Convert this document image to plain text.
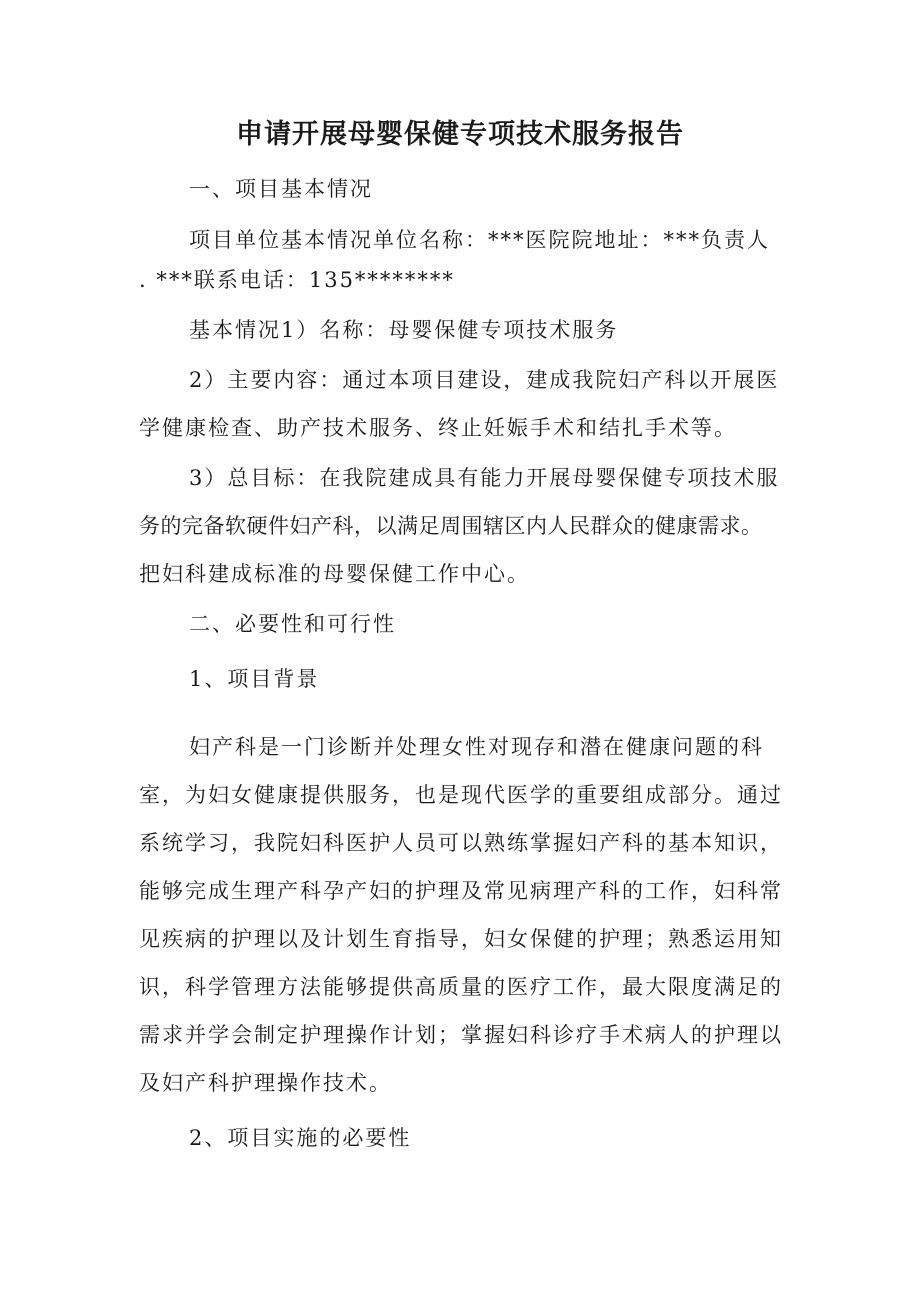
申请开展母婴保健专项技术服务报告
一、项目基本情况
项目单位基本情况单位名称：***医院院地址：***负责人
. ***联系电话：135********
基本情况1）名称：母婴保健专项技术服务
2）主要内容：通过本项目建设，建成我院妇产科以开展医
学健康检查、助产技术服务、终止妊娠手术和结扎手术等。
3）总目标：在我院建成具有能力开展母婴保健专项技术服
务的完备软硬件妇产科，以满足周围辖区内人民群众的健康需求。
把妇科建成标准的母婴保健工作中心。
二、必要性和可行性
1、项目背景
妇产科是一门诊断并处理女性对现存和潜在健康问题的科
室，为妇女健康提供服务，也是现代医学的重要组成部分。通过
系统学习，我院妇科医护人员可以熟练掌握妇产科的基本知识，
能够完成生理产科孕产妇的护理及常见病理产科的工作，妇科常
见疾病的护理以及计划生育指导，妇女保健的护理；熟悉运用知
识，科学管理方法能够提供高质量的医疗工作，最大限度满足的
需求并学会制定护理操作计划；掌握妇科诊疗手术病人的护理以
及妇产科护理操作技术。
2、项目实施的必要性
